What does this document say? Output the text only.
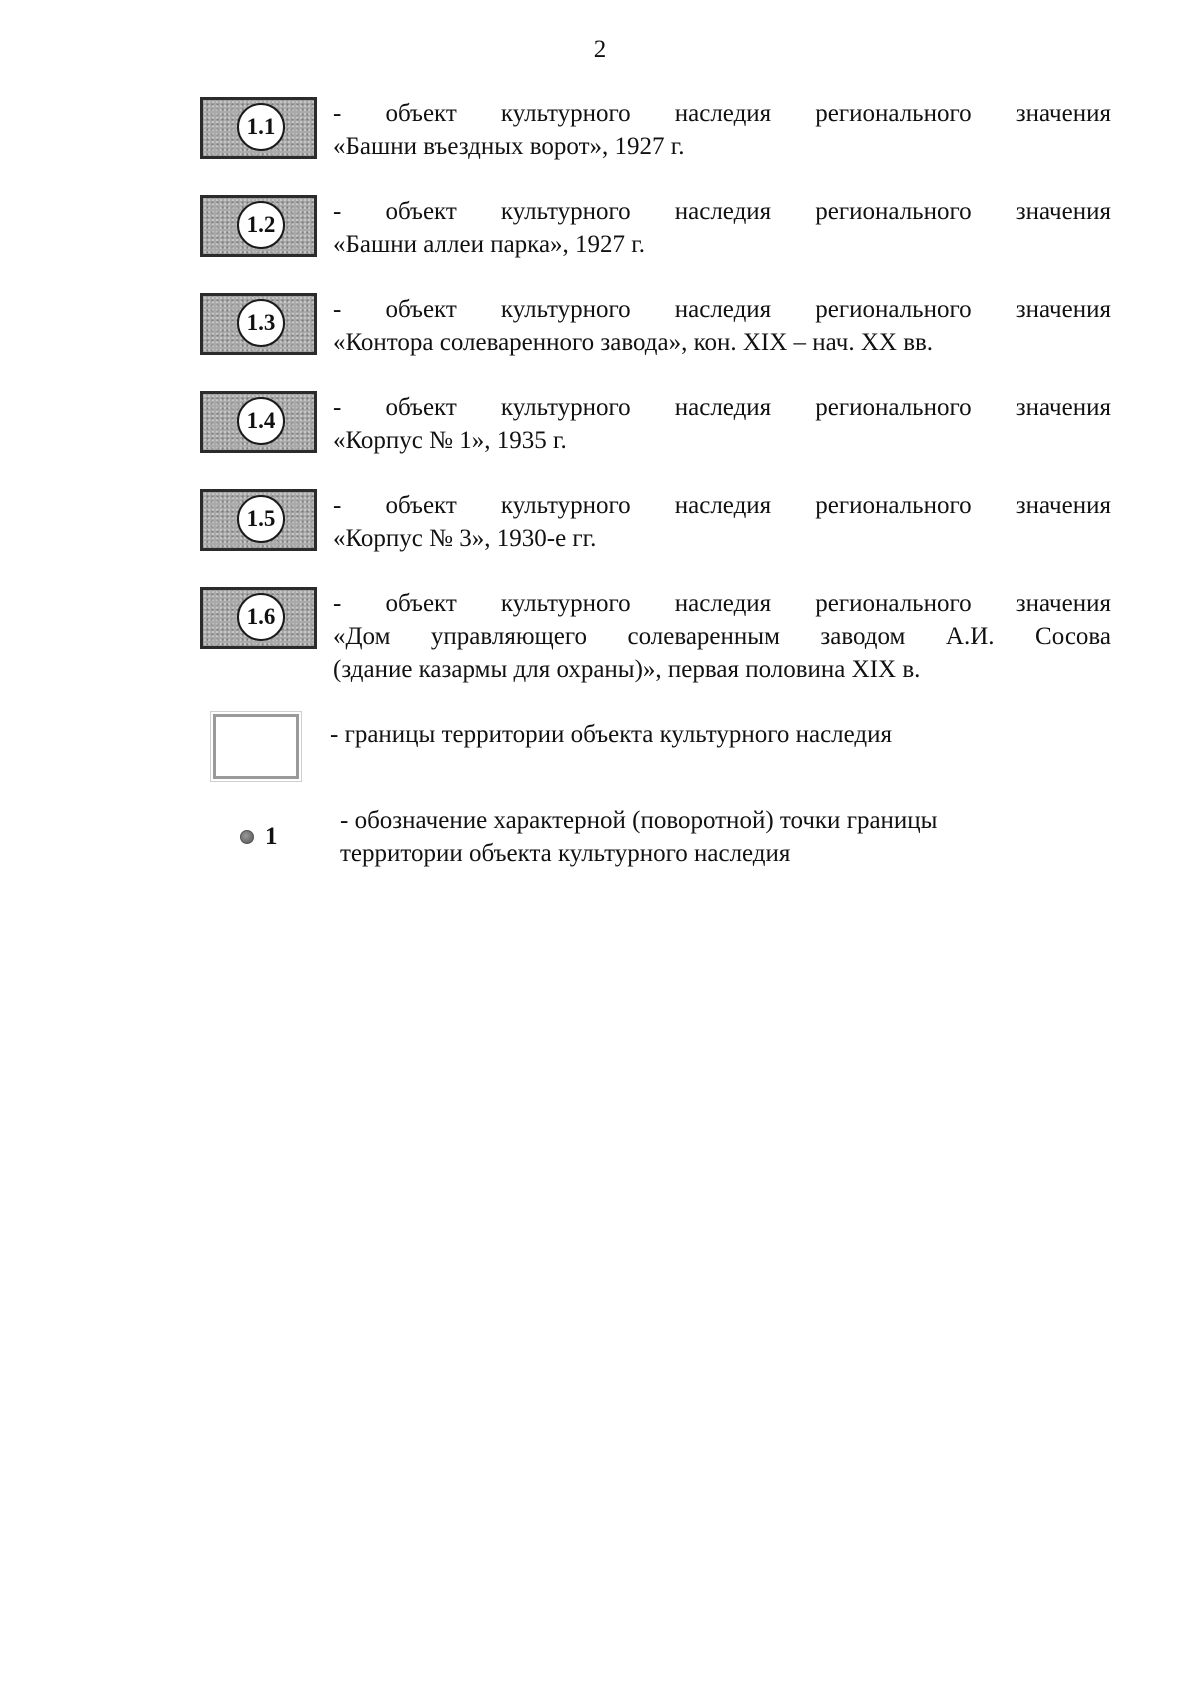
2
1.1	- объект культурного наследия регионального значения
«Башни въездных ворот», 1927 г.
1.2	- объект культурного наследия регионального значения
«Башни аллеи парка», 1927 г.
1.3	- объект культурного наследия регионального значения
«Контора солеваренного завода», кон. XIX – нач. XX вв.
1.4	- объект культурного наследия регионального значения
«Корпус № 1», 1935 г.
1.5	- объект культурного наследия регионального значения
«Корпус № 3», 1930-е гг.
1.6	- объект культурного наследия регионального значения
«Дом управляющего солеваренным заводом А.И. Сосова
(здание казармы для охраны)», первая половина XIX в.
- границы территории объекта культурного наследия
1
- обозначение характерной (поворотной) точки границы
территории объекта культурного наследия
